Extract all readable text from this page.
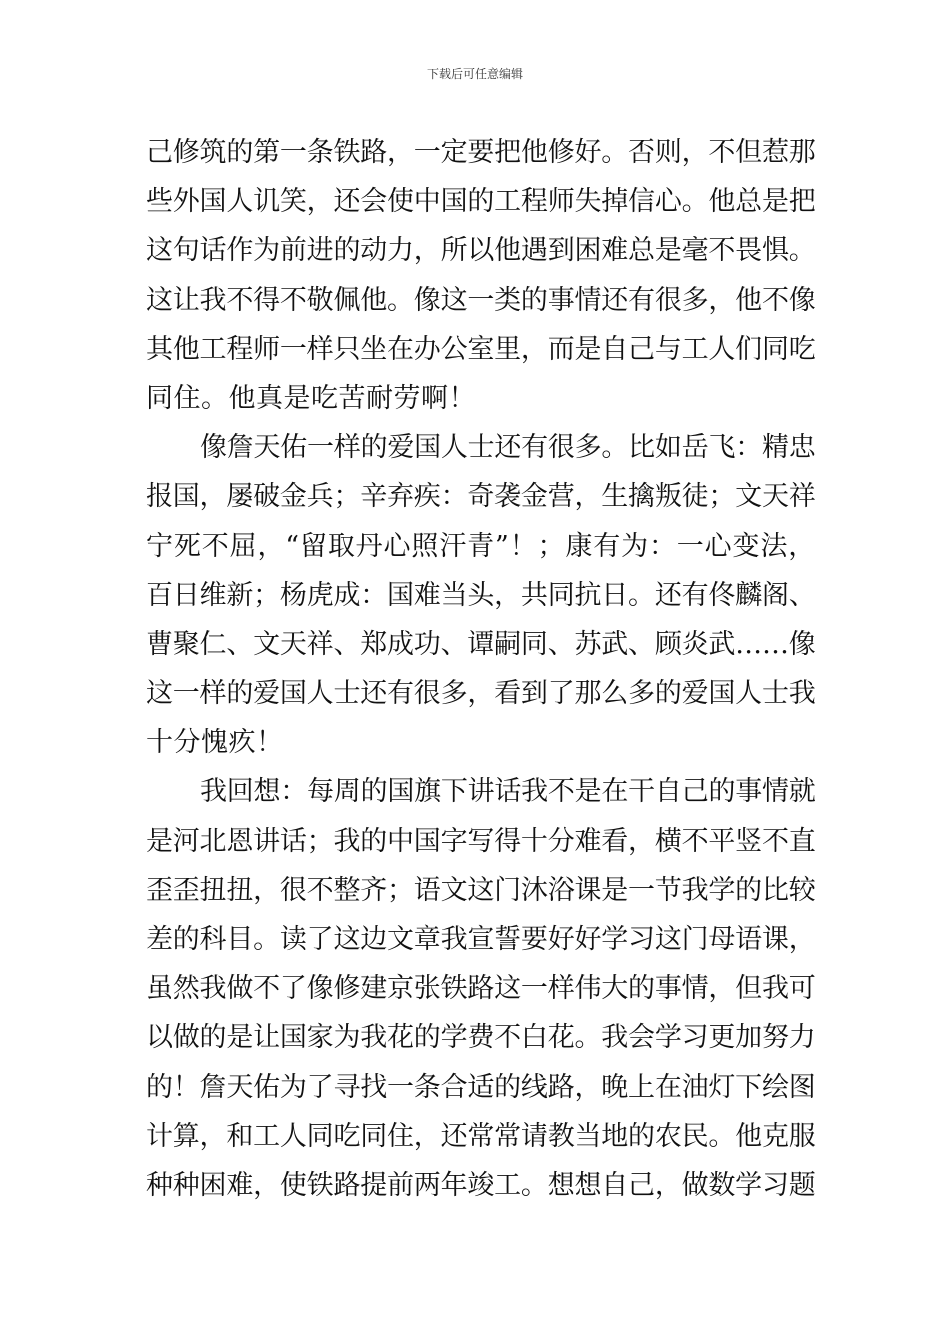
下载后可任意编辑
己修筑的第一条铁路，一定要把他修好。否则，不但惹那
些外国人讥笑，还会使中国的工程师失掉信心。他总是把
这句话作为前进的动力，所以他遇到困难总是毫不畏惧。
这让我不得不敬佩他。像这一类的事情还有很多，他不像
其他工程师一样只坐在办公室里，而是自己与工人们同吃
同住。他真是吃苦耐劳啊！
像詹天佑一样的爱国人士还有很多。比如岳飞：精忠
报国，屡破金兵；辛弃疾：奇袭金营，生擒叛徒；文天祥
宁死不屈，“留取丹心照汗青”！；康有为：一心变法，
百日维新；杨虎成：国难当头，共同抗日。还有佟麟阁、
曹聚仁、文天祥、郑成功、谭嗣同、苏武、顾炎武……像
这一样的爱国人士还有很多，看到了那么多的爱国人士我
十分愧疚！
我回想：每周的国旗下讲话我不是在干自己的事情就
是河北恩讲话；我的中国字写得十分难看，横不平竖不直
歪歪扭扭，很不整齐；语文这门沐浴课是一节我学的比较
差的科目。读了这边文章我宣誓要好好学习这门母语课，
虽然我做不了像修建京张铁路这一样伟大的事情，但我可
以做的是让国家为我花的学费不白花。我会学习更加努力
的！詹天佑为了寻找一条合适的线路，晚上在油灯下绘图
计算，和工人同吃同住，还常常请教当地的农民。他克服
种种困难，使铁路提前两年竣工。想想自己，做数学习题
